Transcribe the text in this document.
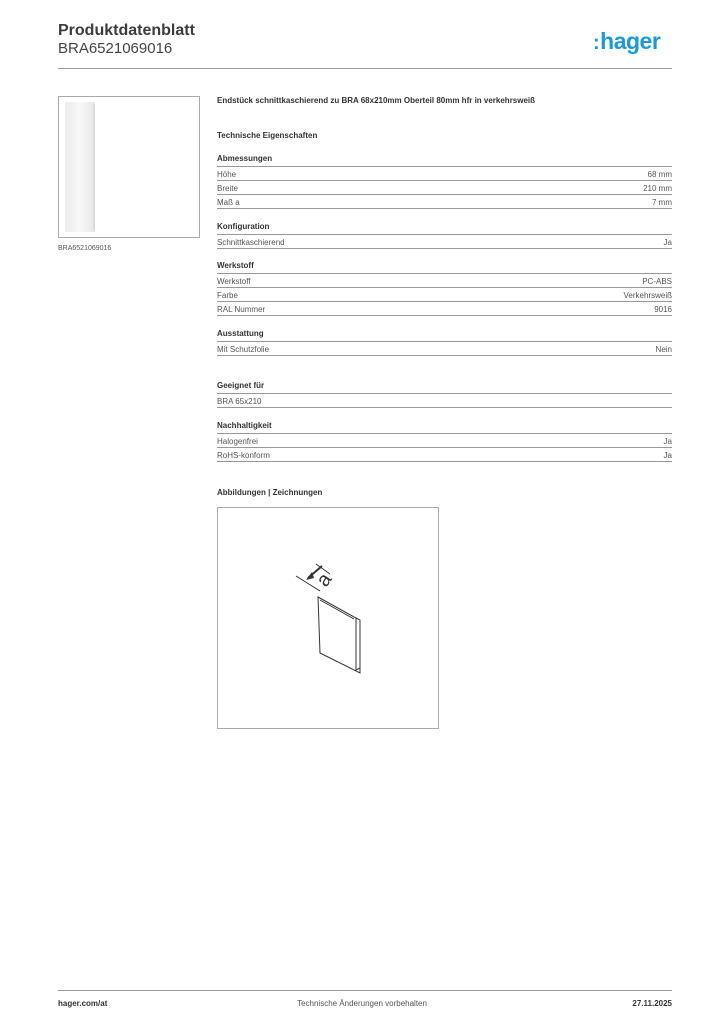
Produktdatenblatt
BRA6521069016	:hager
BRA6521069016
Endstück schnittkaschierend zu BRA 68x210mm Oberteil 80mm hfr in verkehrsweiß
Technische Eigenschaften
Abmessungen
Höhe	68 mm
Breite	210 mm
Maß a	7 mm
Konfiguration
Schnittkaschierend	Ja
Werkstoff
Werkstoff	PC-ABS
Farbe	Verkehrsweiß
RAL Nummer	9016
Ausstattung
Mit Schutzfolie	Nein
Geeignet für
BRA 65x210
Nachhaltigkeit
Halogenfrei	Ja
RoHS-konform	Ja
Abbildungen | Zeichnungen
a
Technische Änderungen vorbehalten
hager.com/at	27.11.2025
